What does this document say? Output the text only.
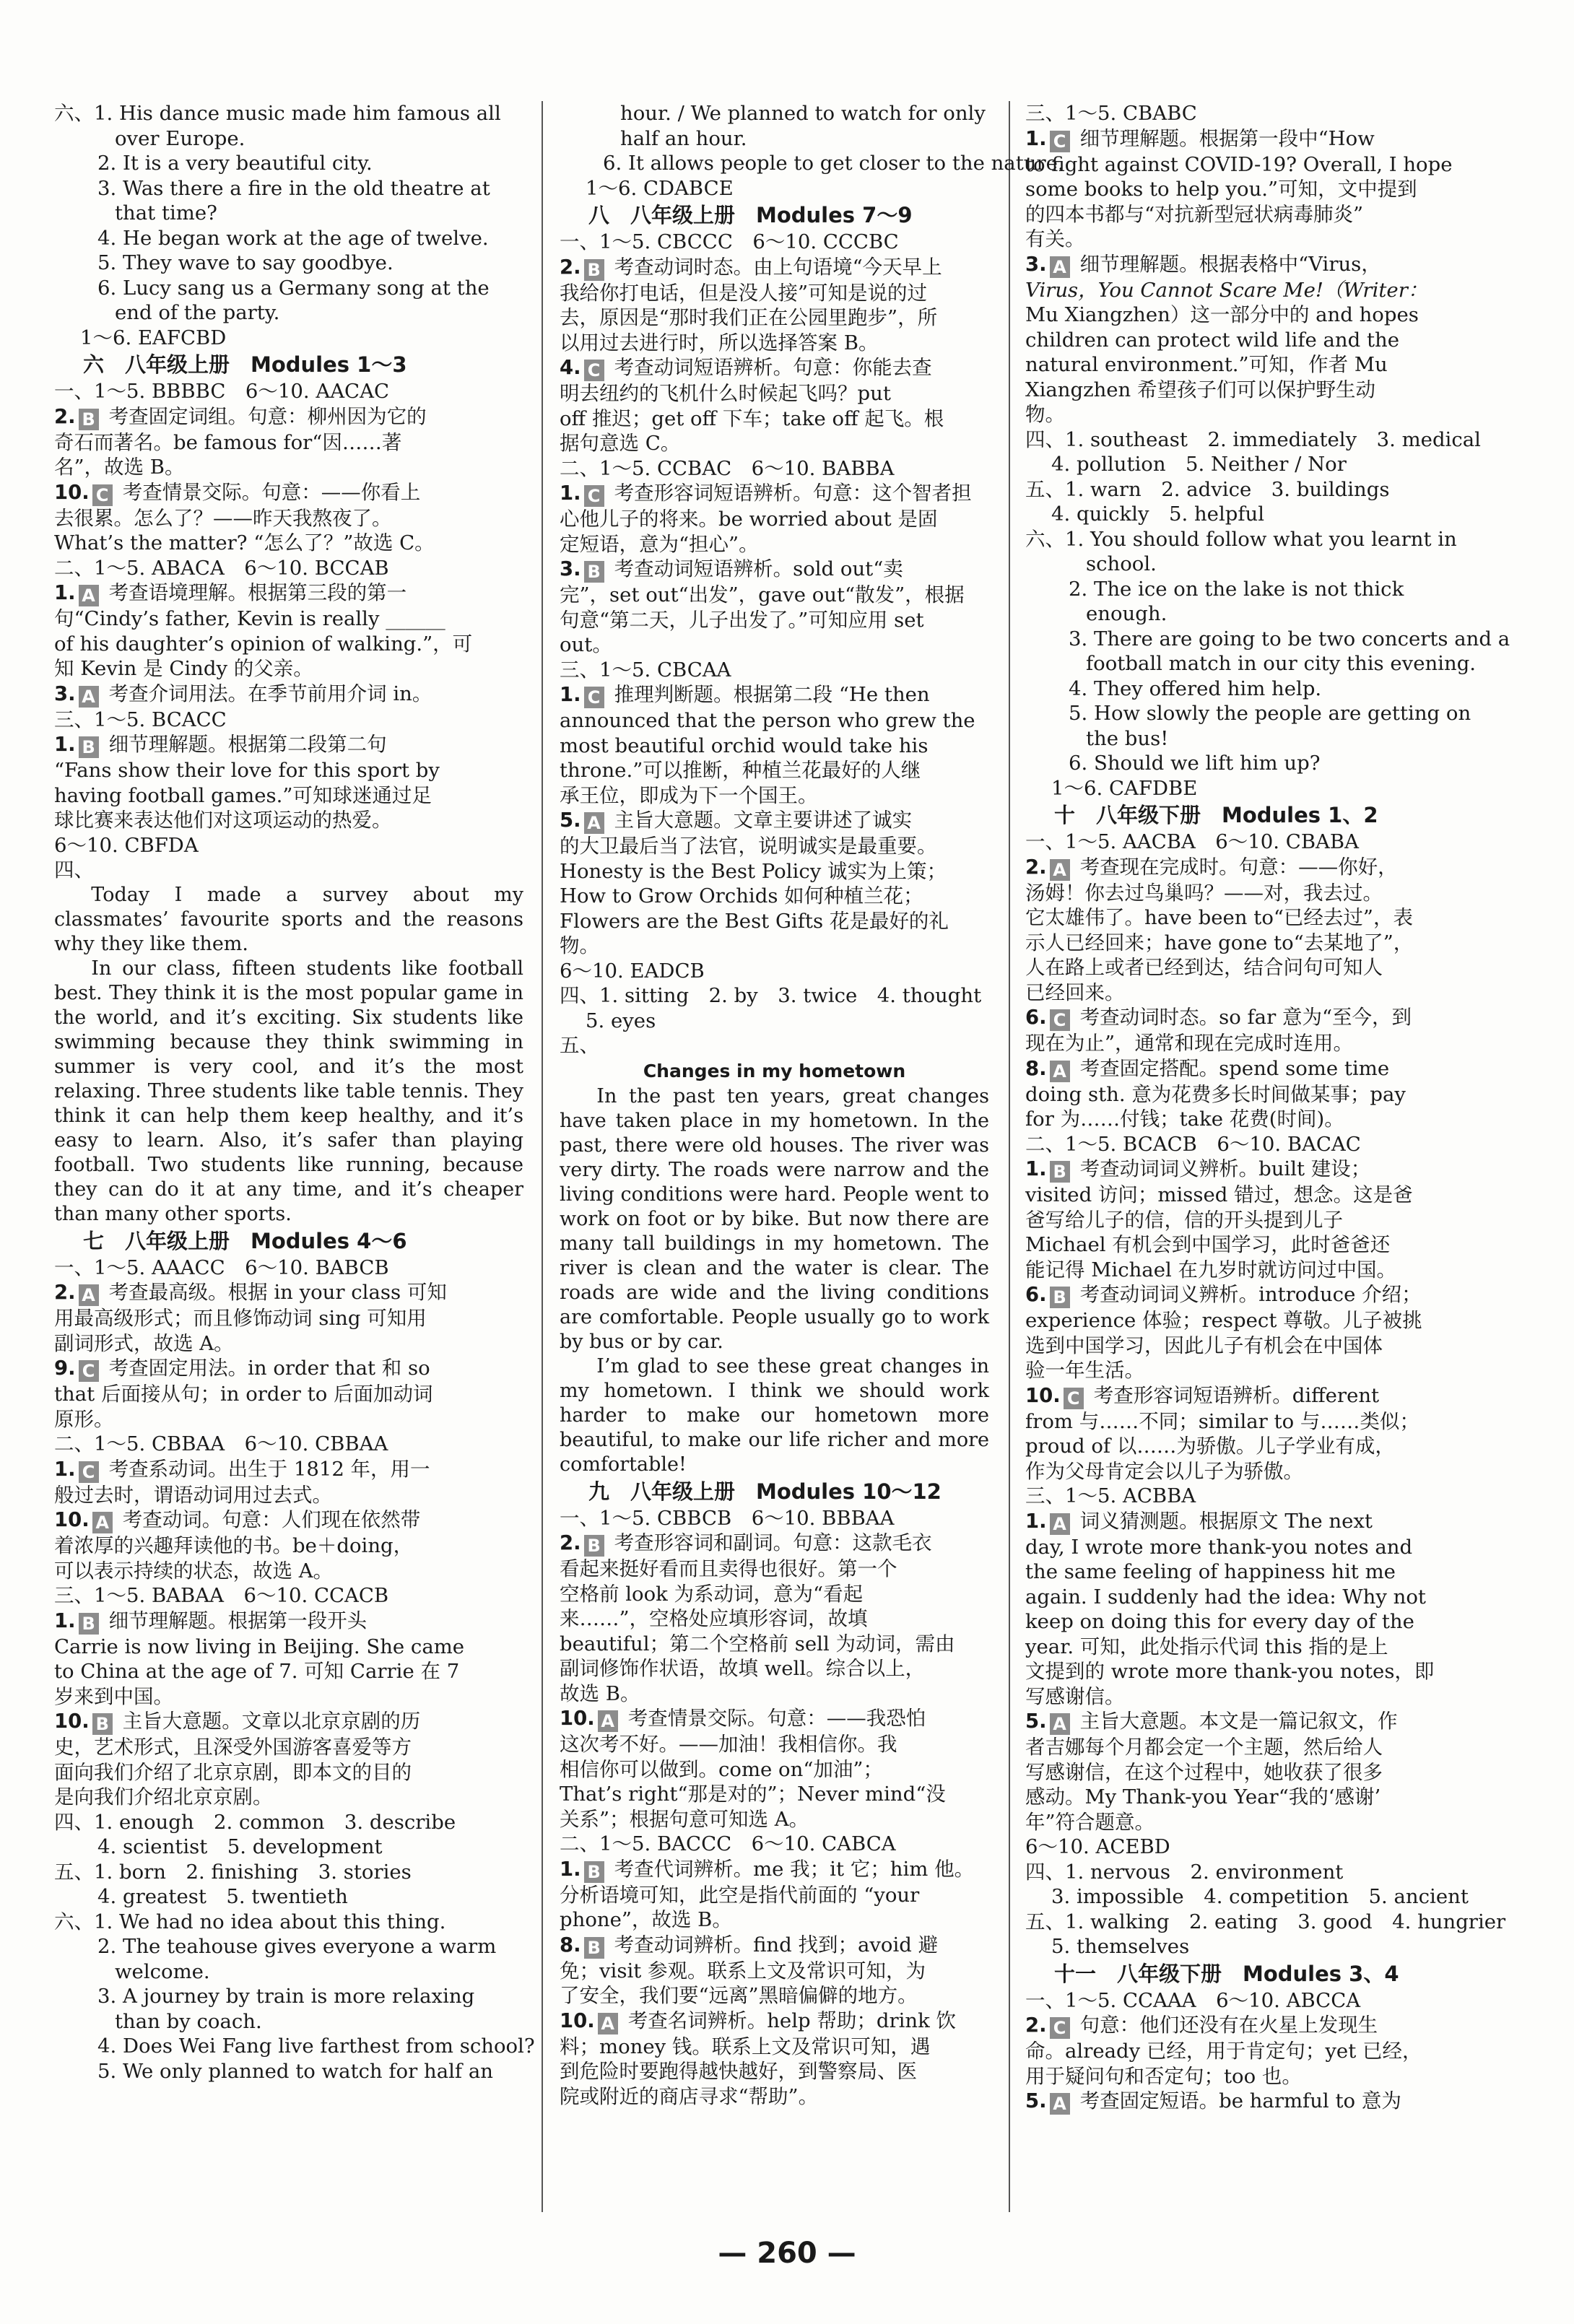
六、1. His dance music made him famous all
over Europe.
2. It is a very beautiful city.
3. Was there a fire in the old theatre at
that time?
4. He began work at the age of twelve.
5. They wave to say goodbye.
6. Lucy sang us a Germany song at the
end of the party.
1～6. EAFCBD
六　八年级上册　Modules 1～3
一、1～5. BBBBC　6～10. AACAC
2. B 考查固定词组。句意：柳州因为它的
奇石而著名。be famous for“因……著
名”，故选 B。
10. C 考查情景交际。句意：——你看上
去很累。怎么了？——昨天我熬夜了。
What’s the matter? “怎么了？”故选 C。
二、1～5. ABACA　6～10. BCCAB
1. A 考查语境理解。根据第三段的第一
句“Cindy’s father, Kevin is really ______
of his daughter’s opinion of walking.”，可
知 Kevin 是 Cindy 的父亲。
3. A 考查介词用法。在季节前用介词 in。
三、1～5. BCACC
1. B 细节理解题。根据第二段第二句
“Fans show their love for this sport by
having football games.”可知球迷通过足
球比赛来表达他们对这项运动的热爱。
6～10. CBFDA
四、
Today I made a survey about my classmates’ favourite sports and the reasons why they like them.
In our class, fifteen students like football best. They think it is the most popular game in the world, and it’s exciting. Six students like swimming because they think swimming in summer is very cool, and it’s the most relaxing. Three students like table tennis. They think it can help them keep healthy, and it’s easy to learn. Also, it’s safer than playing football. Two students like running, because they can do it at any time, and it’s cheaper than many other sports.
七　八年级上册　Modules 4～6
一、1～5. AAACC　6～10. BABCB
2. A 考查最高级。根据 in your class 可知
用最高级形式；而且修饰动词 sing 可知用
副词形式，故选 A。
9. C 考查固定用法。in order that 和 so
that 后面接从句；in order to 后面加动词
原形。
二、1～5. CBBAA　6～10. CBBAA
1. C 考查系动词。出生于 1812 年，用一
般过去时，谓语动词用过去式。
10. A 考查动词。句意：人们现在依然带
着浓厚的兴趣拜读他的书。be＋doing，
可以表示持续的状态，故选 A。
三、1～5. BABAA　6～10. CCACB
1. B 细节理解题。根据第一段开头
Carrie is now living in Beijing. She came
to China at the age of 7. 可知 Carrie 在 7
岁来到中国。
10. B 主旨大意题。文章以北京京剧的历
史，艺术形式，且深受外国游客喜爱等方
面向我们介绍了北京京剧，即本文的目的
是向我们介绍北京京剧。
四、1. enough　2. common　3. describe
4. scientist　5. development
五、1. born　2. finishing　3. stories
4. greatest　5. twentieth
六、1. We had no idea about this thing.
2. The teahouse gives everyone a warm
welcome.
3. A journey by train is more relaxing
than by coach.
4. Does Wei Fang live farthest from school?
5. We only planned to watch for half an
hour. / We planned to watch for only
half an hour.
6. It allows people to get closer to the nature.
1～6. CDABCE
八　八年级上册　Modules 7～9
一、1～5. CBCCC　6～10. CCCBC
2. B 考查动词时态。由上句语境“今天早上
我给你打电话，但是没人接”可知是说的过
去，原因是“那时我们正在公园里跑步”，所
以用过去进行时，所以选择答案 B。
4. C 考查动词短语辨析。句意：你能去查
明去纽约的飞机什么时候起飞吗？put
off 推迟；get off 下车；take off 起飞。根
据句意选 C。
二、1～5. CCBAC　6～10. BABBA
1. C 考查形容词短语辨析。句意：这个智者担
心他儿子的将来。be worried about 是固
定短语，意为“担心”。
3. B 考查动词短语辨析。sold out“卖
完”，set out“出发”，gave out“散发”，根据
句意“第二天，儿子出发了。”可知应用 set
out。
三、1～5. CBCAA
1. C 推理判断题。根据第二段 “He then
announced that the person who grew the
most beautiful orchid would take his
throne.”可以推断，种植兰花最好的人继
承王位，即成为下一个国王。
5. A 主旨大意题。文章主要讲述了诚实
的大卫最后当了法官，说明诚实是最重要。
Honesty is the Best Policy 诚实为上策；
How to Grow Orchids 如何种植兰花；
Flowers are the Best Gifts 花是最好的礼
物。
6～10. EADCB
四、1. sitting　2. by　3. twice　4. thought
5. eyes
五、
Changes in my hometown
In the past ten years, great changes have taken place in my hometown. In the past, there were old houses. The river was very dirty. The roads were narrow and the living conditions were hard. People went to work on foot or by bike. But now there are many tall buildings in my hometown. The river is clean and the water is clear. The roads are wide and the living conditions are comfortable. People usually go to work by bus or by car.
I’m glad to see these great changes in my hometown. I think we should work harder to make our hometown more beautiful, to make our life richer and more comfortable!
九　八年级上册　Modules 10～12
一、1～5. CBBCB　6～10. BBBAA
2. B 考查形容词和副词。句意：这款毛衣
看起来挺好看而且卖得也很好。第一个
空格前 look 为系动词，意为“看起
来……”，空格处应填形容词，故填
beautiful；第二个空格前 sell 为动词，需由
副词修饰作状语，故填 well。综合以上，
故选 B。
10. A 考查情景交际。句意：——我恐怕
这次考不好。——加油！我相信你。我
相信你可以做到。come on“加油”；
That’s right“那是对的”；Never mind“没
关系”；根据句意可知选 A。
二、1～5. BACCC　6～10. CABCA
1. B 考查代词辨析。me 我；it 它；him 他。
分析语境可知，此空是指代前面的 “your
phone”，故选 B。
8. B 考查动词辨析。find 找到；avoid 避
免；visit 参观。联系上文及常识可知，为
了安全，我们要“远离”黑暗偏僻的地方。
10. A 考查名词辨析。help 帮助；drink 饮
料；money 钱。联系上文及常识可知，遇
到危险时要跑得越快越好，到警察局、医
院或附近的商店寻求“帮助”。
三、1～5. CBABC
1. C 细节理解题。根据第一段中“How
to fight against COVID-19? Overall, I hope
some books to help you.”可知，文中提到
的四本书都与“对抗新型冠状病毒肺炎”
有关。
3. A 细节理解题。根据表格中“Virus，
Virus，You Cannot Scare Me!（Writer：
Mu Xiangzhen）这一部分中的 and hopes
children can protect wild life and the
natural environment.”可知，作者 Mu
Xiangzhen 希望孩子们可以保护野生动
物。
四、1. southeast　2. immediately　3. medical
4. pollution　5. Neither / Nor
五、1. warn　2. advice　3. buildings
4. quickly　5. helpful
六、1. You should follow what you learnt in
school.
2. The ice on the lake is not thick
enough.
3. There are going to be two concerts and a
football match in our city this evening.
4. They offered him help.
5. How slowly the people are getting on
the bus!
6. Should we lift him up?
1～6. CAFDBE
十　八年级下册　Modules 1、2
一、1～5. AACBA　6～10. CBABA
2. A 考查现在完成时。句意：——你好，
汤姆！你去过鸟巢吗？——对，我去过。
它太雄伟了。have been to“已经去过”，表
示人已经回来；have gone to“去某地了”，
人在路上或者已经到达，结合问句可知人
已经回来。
6. C 考查动词时态。so far 意为“至今，到
现在为止”，通常和现在完成时连用。
8. A 考查固定搭配。spend some time
doing sth. 意为花费多长时间做某事；pay
for 为……付钱；take 花费(时间)。
二、1～5. BCACB　6～10. BACAC
1. B 考查动词词义辨析。built 建设；
visited 访问；missed 错过，想念。这是爸
爸写给儿子的信，信的开头提到儿子
Michael 有机会到中国学习，此时爸爸还
能记得 Michael 在九岁时就访问过中国。
6. B 考查动词词义辨析。introduce 介绍；
experience 体验；respect 尊敬。儿子被挑
选到中国学习，因此儿子有机会在中国体
验一年生活。
10. C 考查形容词短语辨析。different
from 与……不同；similar to 与……类似；
proud of 以……为骄傲。儿子学业有成，
作为父母肯定会以儿子为骄傲。
三、1～5. ACBBA
1. A 词义猜测题。根据原文 The next
day, I wrote more thank-you notes and
the same feeling of happiness hit me
again. I suddenly had the idea: Why not
keep on doing this for every day of the
year. 可知，此处指示代词 this 指的是上
文提到的 wrote more thank-you notes，即
写感谢信。
5. A 主旨大意题。本文是一篇记叙文，作
者吉娜每个月都会定一个主题，然后给人
写感谢信，在这个过程中，她收获了很多
感动。My Thank-you Year“我的‘感谢’
年”符合题意。
6～10. ACEBD
四、1. nervous　2. environment
3. impossible　4. competition　5. ancient
五、1. walking　2. eating　3. good　4. hungrier
5. themselves
十一　八年级下册　Modules 3、4
一、1～5. CCAAA　6～10. ABCCA
2. C 句意：他们还没有在火星上发现生
命。already 已经，用于肯定句；yet 已经，
用于疑问句和否定句；too 也。
5. A 考查固定短语。be harmful to 意为
— 260 —
